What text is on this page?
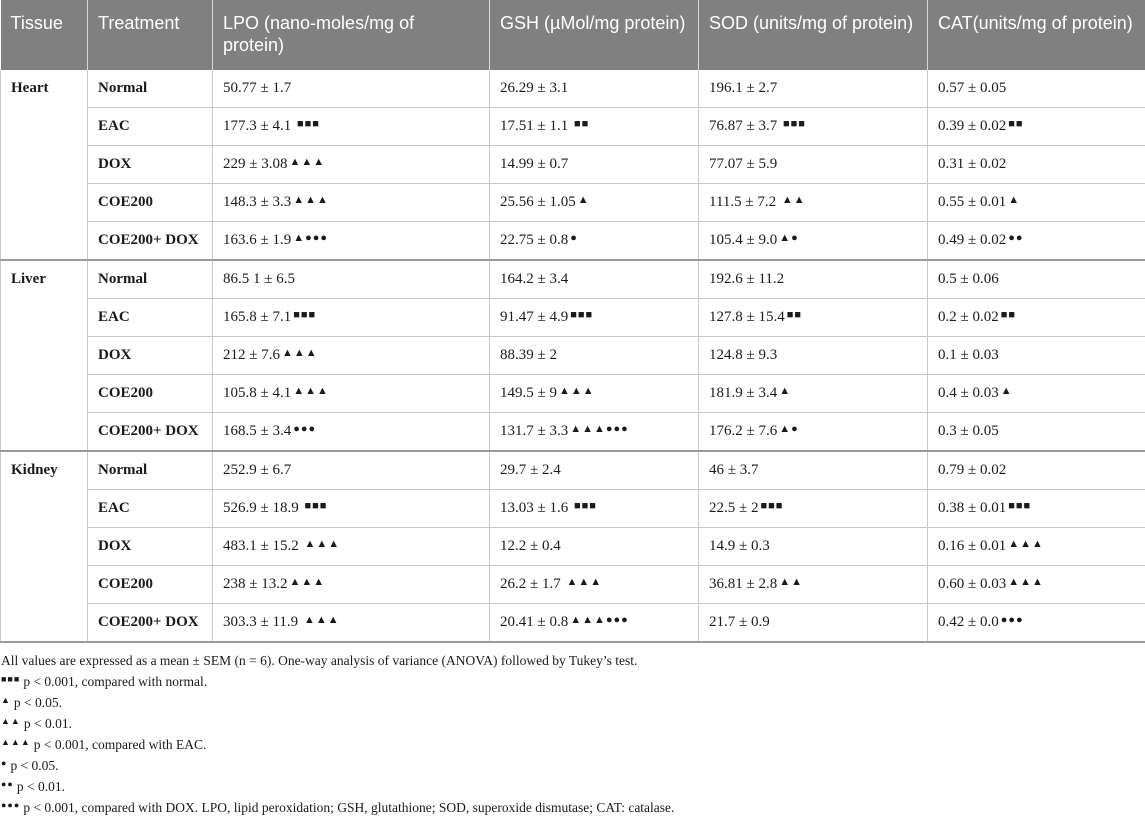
Tissue	Treatment	LPO (nano-moles/mg of protein)	GSH (µMol/mg protein)	SOD (units/mg of protein)	CAT(units/mg of protein)
Heart	Normal	50.77 ± 1.7	26.29 ± 3.1	196.1 ± 2.7	0.57 ± 0.05
	EAC	177.3 ± 4.1 ■■■	17.51 ± 1.1 ■■	76.87 ± 3.7 ■■■	0.39 ± 0.02 ■■
	DOX	229 ± 3.08 ▲▲▲	14.99 ± 0.7	77.07 ± 5.9	0.31 ± 0.02
	COE200	148.3 ± 3.3 ▲▲▲	25.56 ± 1.05 ▲	111.5 ± 7.2 ▲▲	0.55 ± 0.01 ▲
	COE200+ DOX	163.6 ± 1.9 ▲●●●	22.75 ± 0.8 ●	105.4 ± 9.0 ▲●	0.49 ± 0.02 ●●
Liver	Normal	86.5 1 ± 6.5	164.2 ± 3.4	192.6 ± 11.2	0.5 ± 0.06
	EAC	165.8 ± 7.1 ■■■	91.47 ± 4.9 ■■■	127.8 ± 15.4 ■■	0.2 ± 0.02 ■■
	DOX	212 ± 7.6 ▲▲▲	88.39 ± 2	124.8 ± 9.3	0.1 ± 0.03
	COE200	105.8 ± 4.1 ▲▲▲	149.5 ± 9 ▲▲▲	181.9 ± 3.4 ▲	0.4 ± 0.03 ▲
	COE200+ DOX	168.5 ± 3.4 ●●●	131.7 ± 3.3 ▲▲▲●●●	176.2 ± 7.6 ▲●	0.3 ± 0.05
Kidney	Normal	252.9 ± 6.7	29.7 ± 2.4	46 ± 3.7	0.79 ± 0.02
	EAC	526.9 ± 18.9 ■■■	13.03 ± 1.6 ■■■	22.5 ± 2 ■■■	0.38 ± 0.01 ■■■
	DOX	483.1 ± 15.2 ▲▲▲	12.2 ± 0.4	14.9 ± 0.3	0.16 ± 0.01 ▲▲▲
	COE200	238 ± 13.2 ▲▲▲	26.2 ± 1.7 ▲▲▲	36.81 ± 2.8 ▲▲	0.60 ± 0.03 ▲▲▲
	COE200+ DOX	303.3 ± 11.9 ▲▲▲	20.41 ± 0.8 ▲▲▲●●●	21.7 ± 0.9	0.42 ± 0.0 ●●●
All values are expressed as a mean ± SEM (n = 6). One-way analysis of variance (ANOVA) followed by Tukey’s test.
■■■ p < 0.001, compared with normal.
▲ p < 0.05.
▲▲ p < 0.01.
▲▲▲ p < 0.001, compared with EAC.
● p < 0.05.
●● p < 0.01.
●●● p < 0.001, compared with DOX. LPO, lipid peroxidation; GSH, glutathione; SOD, superoxide dismutase; CAT: catalase.
